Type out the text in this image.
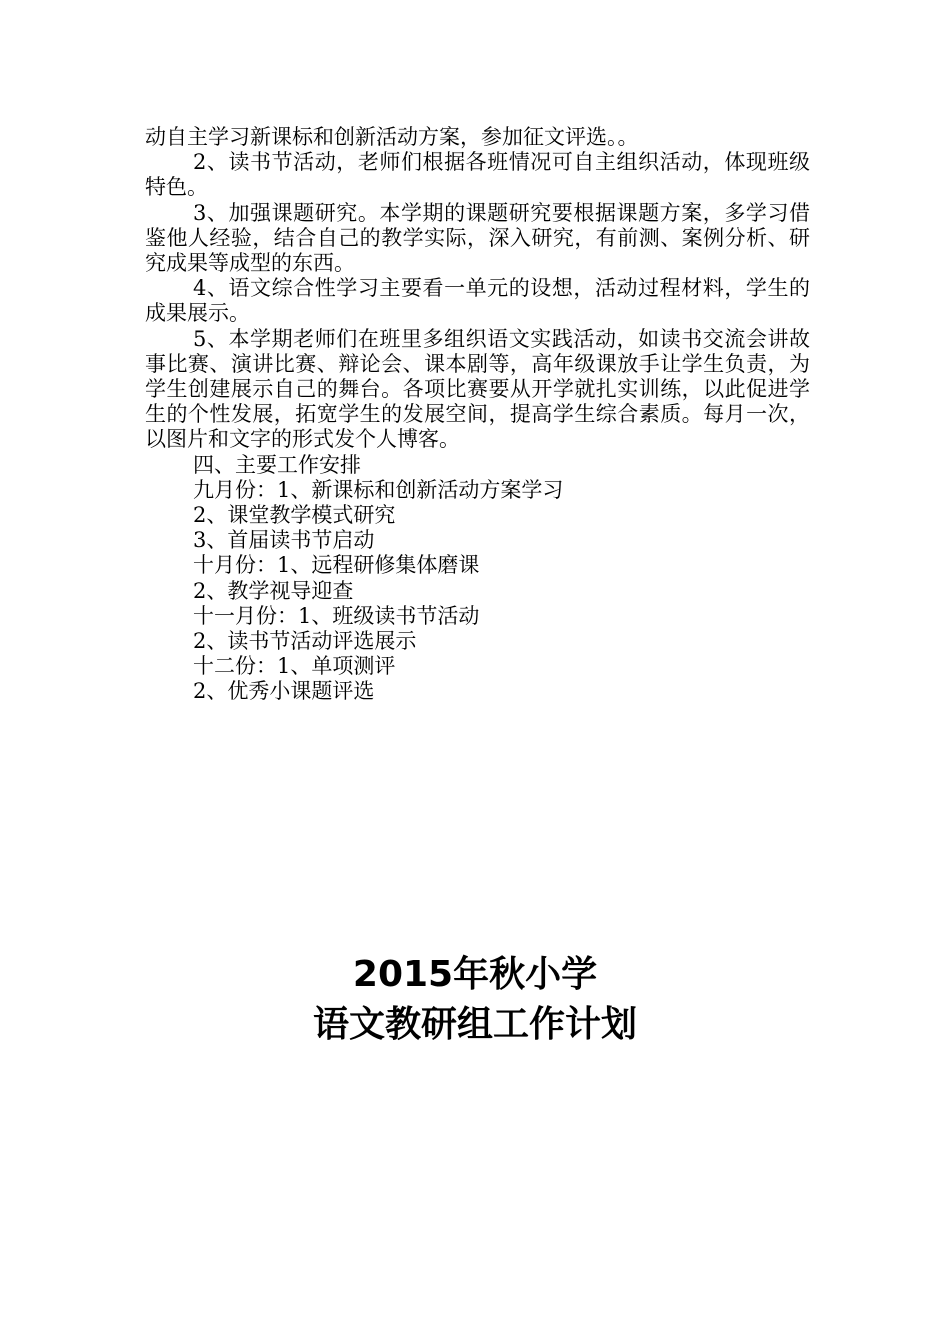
动自主学习新课标和创新活动方案，参加征文评选。。

2、读书节活动，老师们根据各班情况可自主组织活动，体现班级特色。

3、加强课题研究。本学期的课题研究要根据课题方案，多学习借鉴他人经验，结合自己的教学实际，深入研究，有前测、案例分析、研究成果等成型的东西。

4、语文综合性学习主要看一单元的设想，活动过程材料，学生的成果展示。

5、本学期老师们在班里多组织语文实践活动，如读书交流会讲故事比赛、演讲比赛、辩论会、课本剧等，高年级课放手让学生负责，为学生创建展示自己的舞台。各项比赛要从开学就扎实训练，以此促进学生的个性发展，拓宽学生的发展空间，提高学生综合素质。每月一次，以图片和文字的形式发个人博客。

四、主要工作安排
九月份：1、新课标和创新活动方案学习
2、课堂教学模式研究
3、首届读书节启动
十月份：1、远程研修集体磨课
2、教学视导迎查
十一月份：1、班级读书节活动
2、读书节活动评选展示
十二份：1、单项测评
2、优秀小课题评选
2015年秋小学
语文教研组工作计划
